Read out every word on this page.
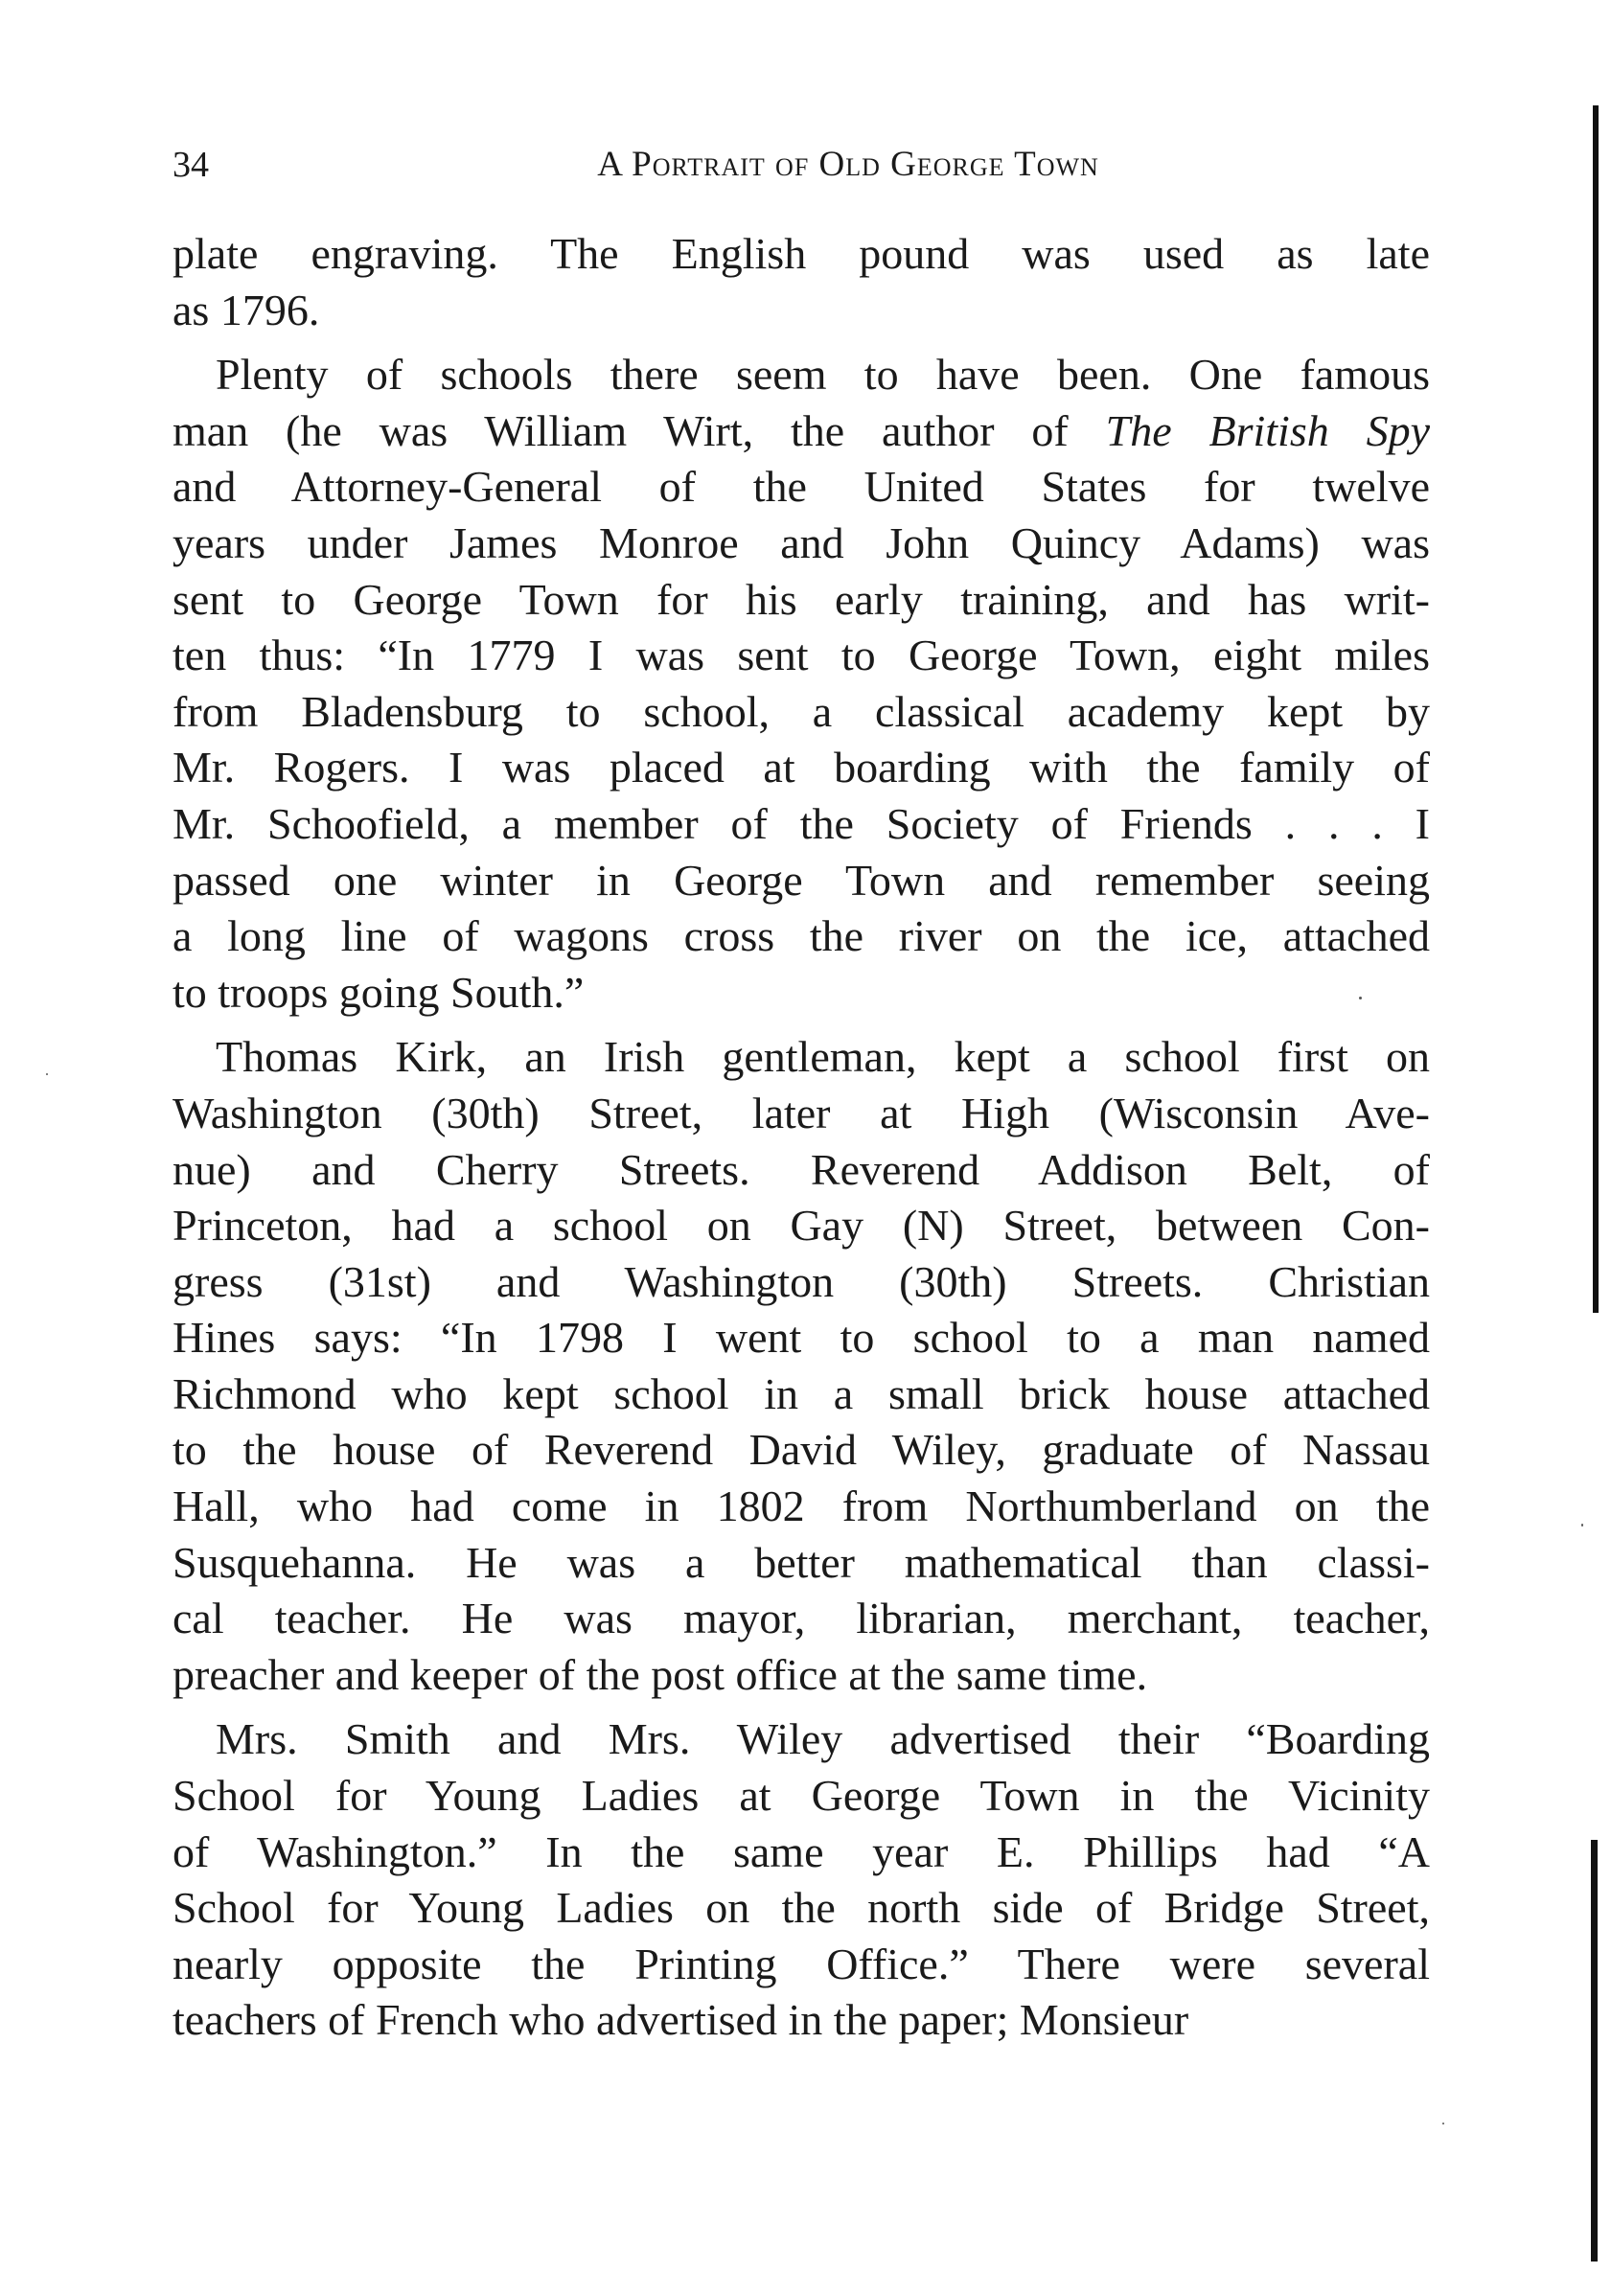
34	A Portrait of Old George Town

plate engraving. The English pound was used as late
as 1796.

Plenty of schools there seem to have been. One famous
man (he was William Wirt, the author of The British Spy
and Attorney-General of the United States for twelve
years under James Monroe and John Quincy Adams) was
sent to George Town for his early training, and has writ-
ten thus: “In 1779 I was sent to George Town, eight miles
from Bladensburg to school, a classical academy kept by
Mr. Rogers. I was placed at boarding with the family of
Mr. Schoofield, a member of the Society of Friends . . . I
passed one winter in George Town and remember seeing
a long line of wagons cross the river on the ice, attached
to troops going South.”

Thomas Kirk, an Irish gentleman, kept a school first on
Washington (30th) Street, later at High (Wisconsin Ave-
nue) and Cherry Streets. Reverend Addison Belt, of
Princeton, had a school on Gay (N) Street, between Con-
gress (31st) and Washington (30th) Streets. Christian
Hines says: “In 1798 I went to school to a man named
Richmond who kept school in a small brick house attached
to the house of Reverend David Wiley, graduate of Nassau
Hall, who had come in 1802 from Northumberland on the
Susquehanna. He was a better mathematical than classi-
cal teacher. He was mayor, librarian, merchant, teacher,
preacher and keeper of the post office at the same time.

Mrs. Smith and Mrs. Wiley advertised their “Boarding
School for Young Ladies at George Town in the Vicinity
of Washington.” In the same year E. Phillips had “A
School for Young Ladies on the north side of Bridge Street,
nearly opposite the Printing Office.” There were several
teachers of French who advertised in the paper; Monsieur
